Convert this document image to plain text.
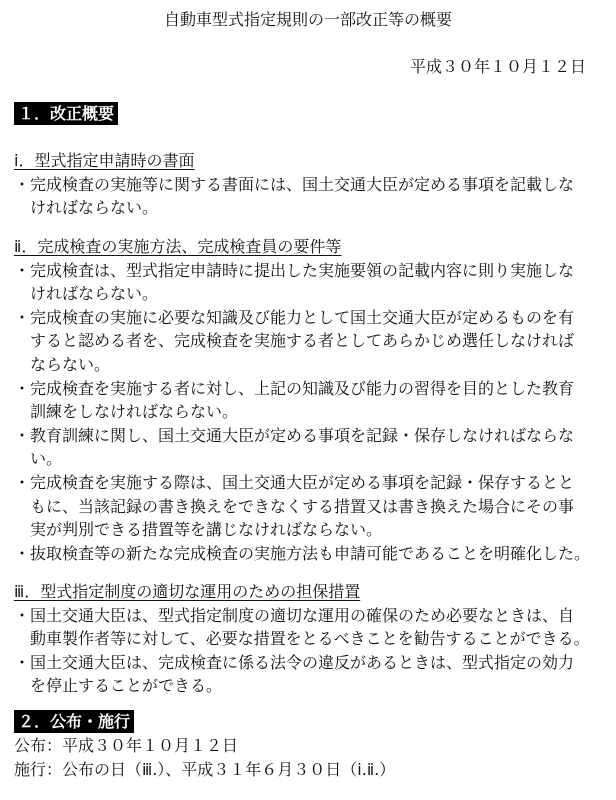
自動車型式指定規則の一部改正等の概要
平成３０年１０月１２日
１．改正概要
ⅰ．型式指定申請時の書面
・完成検査の実施等に関する書面には、国土交通大臣が定める事項を記載しな
ければならない。
ⅱ．完成検査の実施方法、完成検査員の要件等
・完成検査は、型式指定申請時に提出した実施要領の記載内容に則り実施しな
ければならない。
・完成検査の実施に必要な知識及び能力として国土交通大臣が定めるものを有
すると認める者を、完成検査を実施する者としてあらかじめ選任しなければ
ならない。
・完成検査を実施する者に対し、上記の知識及び能力の習得を目的とした教育
訓練をしなければならない。
・教育訓練に関し、国土交通大臣が定める事項を記録・保存しなければならな
い。
・完成検査を実施する際は、国土交通大臣が定める事項を記録・保存するとと
もに、当該記録の書き換えをできなくする措置又は書き換えた場合にその事
実が判別できる措置等を講じなければならない。
・抜取検査等の新たな完成検査の実施方法も申請可能であることを明確化した。
ⅲ．型式指定制度の適切な運用のための担保措置
・国土交通大臣は、型式指定制度の適切な運用の確保のため必要なときは、自
動車製作者等に対して、必要な措置をとるべきことを勧告することができる。
・国土交通大臣は、完成検査に係る法令の違反があるときは、型式指定の効力
を停止することができる。
２．公布・施行
公布：平成３０年１０月１２日
施行：公布の日（ⅲ.）、平成３１年６月３０日（ⅰ.ⅱ.）
